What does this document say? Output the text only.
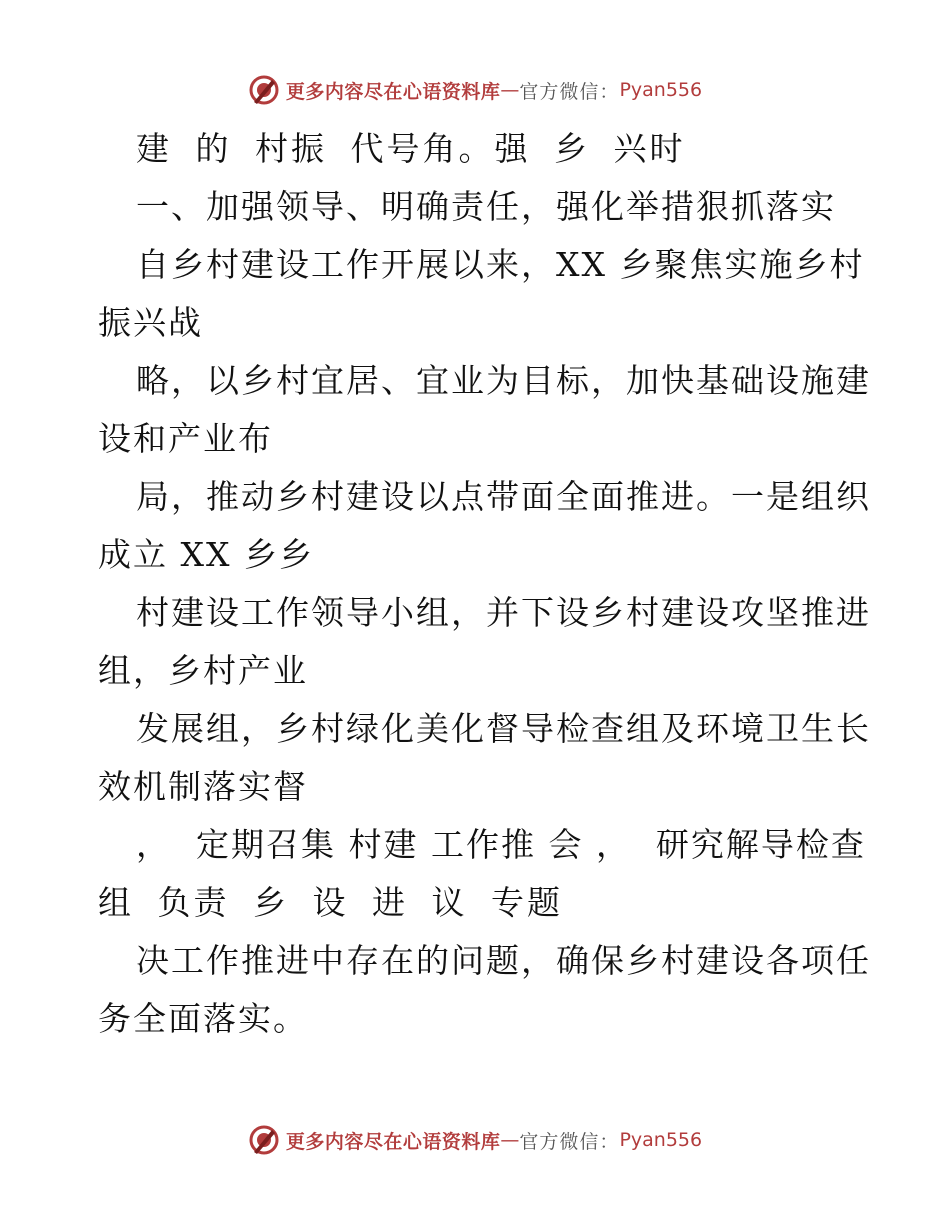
更多内容尽在心语资料库 — 官方微信： Pyan556
建 的 村振 代号角。强 乡 兴时
一、加强领导、明确责任，强化举措狠抓落实
自乡村建设工作开展以来，XX 乡聚焦实施乡村
振兴战
略，以乡村宜居、宜业为目标，加快基础设施建
设和产业布
局，推动乡村建设以点带面全面推进。一是组织
成立 XX 乡乡
村建设工作领导小组，并下设乡村建设攻坚推进
组，乡村产业
发展组，乡村绿化美化督导检查组及环境卫生长
效机制落实督
，  定期召集 村建 工作推 会 ，  研究解导检查
组 负责 乡 设 进 议 专题
决工作推进中存在的问题，确保乡村建设各项任
务全面落实。
更多内容尽在心语资料库 — 官方微信： Pyan556
